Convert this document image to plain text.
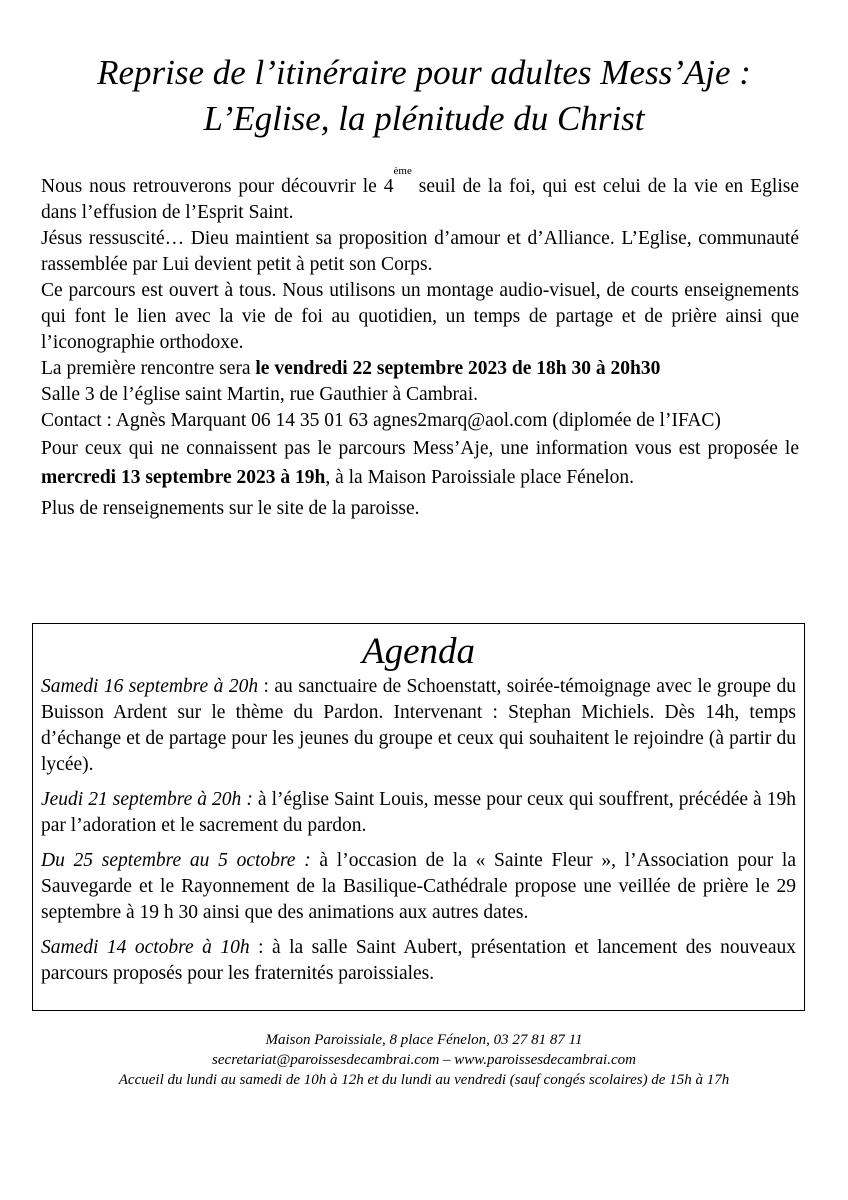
Reprise de l’itinéraire pour adultes Mess’Aje :
L’Eglise, la plénitude du Christ

Nous nous retrouverons pour découvrir le 4ème seuil de la foi, qui est celui de la vie en Eglise dans l’effusion de l’Esprit Saint.

Jésus ressuscité… Dieu maintient sa proposition d’amour et d’Alliance. L’Eglise, communauté rassemblée par Lui devient petit à petit son Corps.

Ce parcours est ouvert à tous. Nous utilisons un montage audio-visuel, de courts enseignements qui font le lien avec la vie de foi au quotidien, un temps de partage et de prière ainsi que l’iconographie orthodoxe.

La première rencontre sera le vendredi 22 septembre 2023 de 18h 30 à 20h30

Salle 3 de l’église saint Martin, rue Gauthier à Cambrai.

Contact : Agnès Marquant 06 14 35 01 63 agnes2marq@aol.com (diplomée de l’IFAC)

Pour ceux qui ne connaissent pas le parcours Mess’Aje, une information vous est proposée le mercredi 13 septembre 2023 à 19h, à la Maison Paroissiale place Fénelon.

Plus de renseignements sur le site de la paroisse.

Agenda

Samedi 16 septembre à 20h : au sanctuaire de Schoenstatt, soirée-témoignage avec le groupe du Buisson Ardent sur le thème du Pardon. Intervenant : Stephan Michiels. Dès 14h, temps d’échange et de partage pour les jeunes du groupe et ceux qui souhaitent le rejoindre (à partir du lycée).

Jeudi 21 septembre à 20h : à l’église Saint Louis, messe pour ceux qui souffrent, précédée à 19h par l’adoration et le sacrement du pardon.

Du 25 septembre au 5 octobre : à l’occasion de la « Sainte Fleur », l’Association pour la Sauvegarde et le Rayonnement de la Basilique-Cathédrale propose une veillée de prière le 29 septembre à 19 h 30 ainsi que des animations aux autres dates.

Samedi 14 octobre à 10h : à la salle Saint Aubert, présentation et lancement des nouveaux parcours proposés pour les fraternités paroissiales.

Maison Paroissiale, 8 place Fénelon, 03 27 81 87 11
secretariat@paroissesdecambrai.com – www.paroissesdecambrai.com
Accueil du lundi au samedi de 10h à 12h et du lundi au vendredi (sauf congés scolaires) de 15h à 17h
